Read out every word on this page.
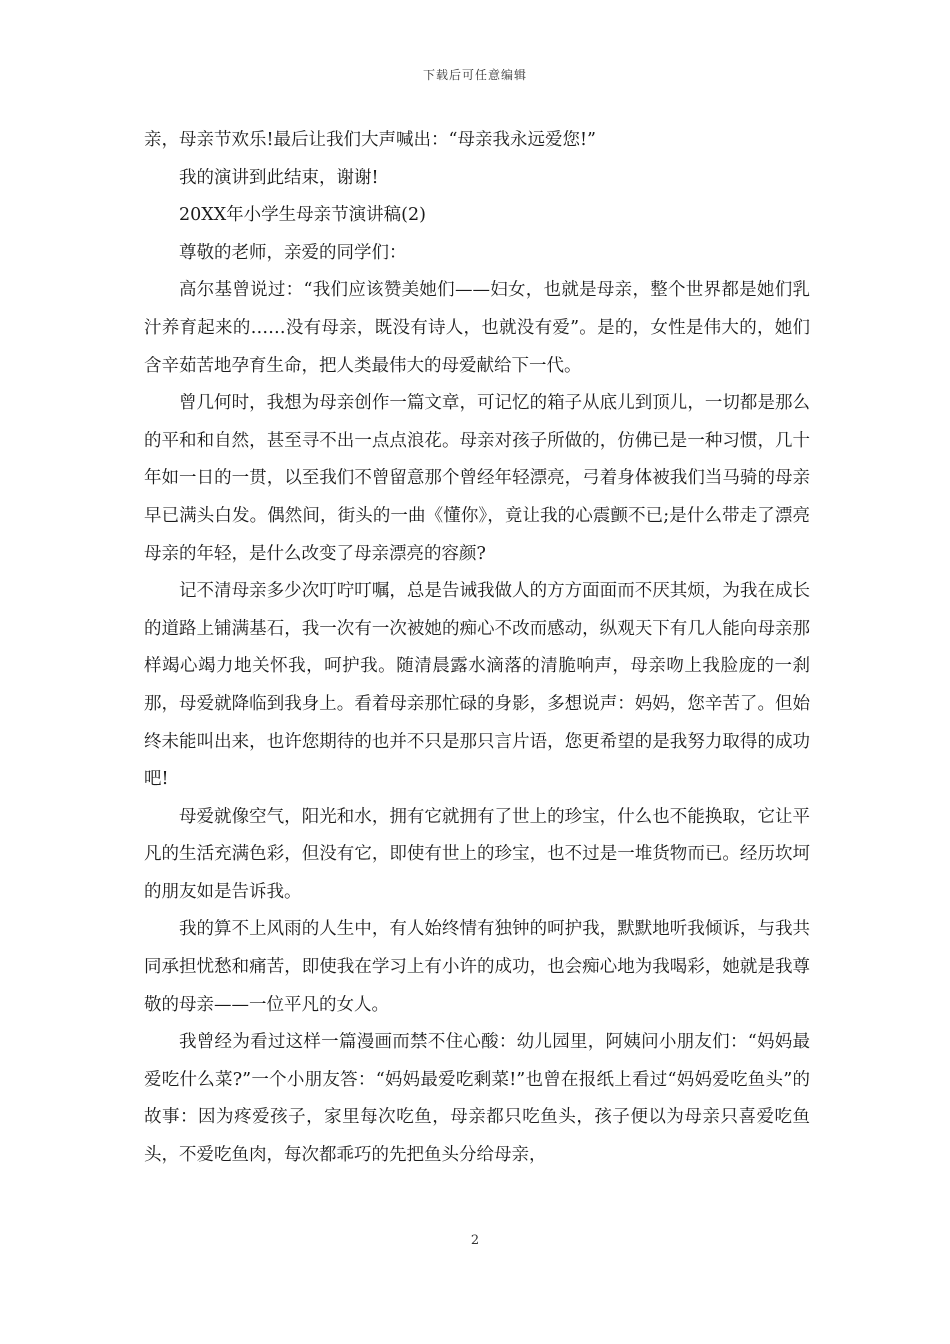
下载后可任意编辑

亲，母亲节欢乐!最后让我们大声喊出：“母亲我永远爱您!”

我的演讲到此结束，谢谢!

20XX年小学生母亲节演讲稿(2)

尊敬的老师，亲爱的同学们：

高尔基曾说过：“我们应该赞美她们——妇女，也就是母亲，整个世界都是她们乳汁养育起来的……没有母亲，既没有诗人，也就没有爱”。是的，女性是伟大的，她们含辛茹苦地孕育生命，把人类最伟大的母爱献给下一代。

曾几何时，我想为母亲创作一篇文章，可记忆的箱子从底儿到顶儿，一切都是那么的平和和自然，甚至寻不出一点点浪花。母亲对孩子所做的，仿佛已是一种习惯，几十年如一日的一贯，以至我们不曾留意那个曾经年轻漂亮，弓着身体被我们当马骑的母亲早已满头白发。偶然间，街头的一曲《懂你》，竟让我的心震颤不已;是什么带走了漂亮母亲的年轻，是什么改变了母亲漂亮的容颜?

记不清母亲多少次叮咛叮嘱，总是告诫我做人的方方面面而不厌其烦，为我在成长的道路上铺满基石，我一次有一次被她的痴心不改而感动，纵观天下有几人能向母亲那样竭心竭力地关怀我，呵护我。随清晨露水滴落的清脆响声，母亲吻上我脸庞的一刹那，母爱就降临到我身上。看着母亲那忙碌的身影，多想说声：妈妈，您辛苦了。但始终未能叫出来，也许您期待的也并不只是那只言片语，您更希望的是我努力取得的成功吧!

母爱就像空气，阳光和水，拥有它就拥有了世上的珍宝，什么也不能换取，它让平凡的生活充满色彩，但没有它，即使有世上的珍宝，也不过是一堆货物而已。经历坎坷的朋友如是告诉我。

我的算不上风雨的人生中，有人始终情有独钟的呵护我，默默地听我倾诉，与我共同承担忧愁和痛苦，即使我在学习上有小许的成功，也会痴心地为我喝彩，她就是我尊敬的母亲——一位平凡的女人。

我曾经为看过这样一篇漫画而禁不住心酸：幼儿园里，阿姨问小朋友们：“妈妈最爱吃什么菜?”一个小朋友答：“妈妈最爱吃剩菜!”也曾在报纸上看过“妈妈爱吃鱼头”的故事：因为疼爱孩子，家里每次吃鱼，母亲都只吃鱼头，孩子便以为母亲只喜爱吃鱼头，不爱吃鱼肉，每次都乖巧的先把鱼头分给母亲，

2
